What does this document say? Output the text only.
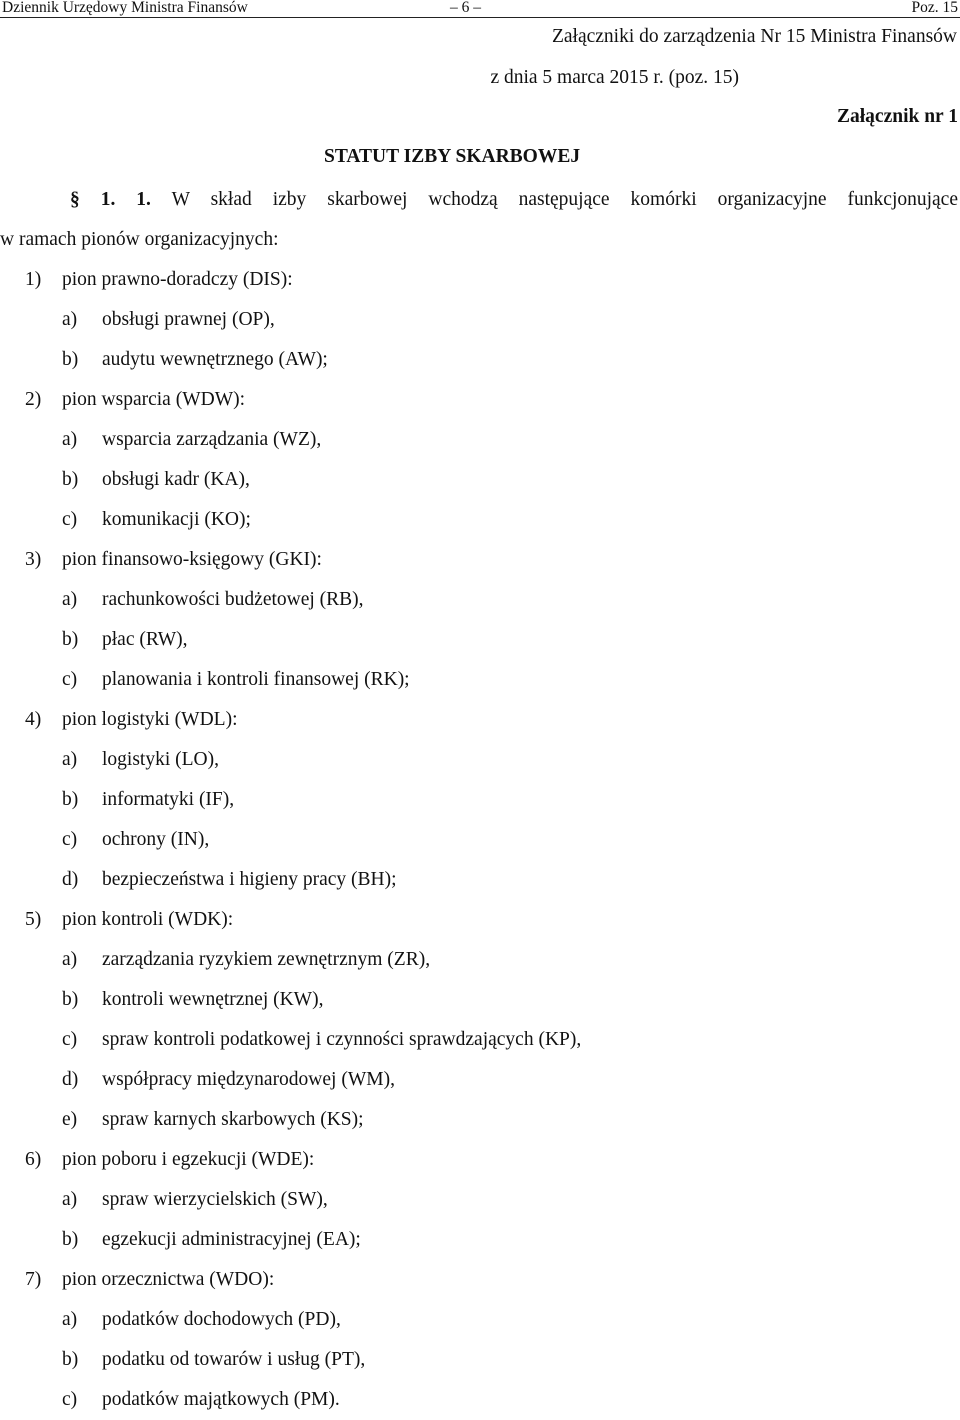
Dziennik Urzędowy Ministra Finansów	– 6 –	Poz. 15
Załączniki do zarządzenia Nr 15 Ministra Finansów
z dnia 5 marca 2015 r. (poz. 15)
Załącznik nr 1
STATUT IZBY SKARBOWEJ
§ 1. 1. W skład izby skarbowej wchodzą następujące komórki organizacyjne funkcjonujące
w ramach pionów organizacyjnych:
1) pion prawno-doradczy (DIS):
a) obsługi prawnej (OP),
b) audytu wewnętrznego (AW);
2) pion wsparcia (WDW):
a) wsparcia zarządzania (WZ),
b) obsługi kadr (KA),
c) komunikacji (KO);
3) pion finansowo-księgowy (GKI):
a) rachunkowości budżetowej (RB),
b) płac (RW),
c) planowania i kontroli finansowej (RK);
4) pion logistyki (WDL):
a) logistyki (LO),
b) informatyki (IF),
c) ochrony (IN),
d) bezpieczeństwa i higieny pracy (BH);
5) pion kontroli (WDK):
a) zarządzania ryzykiem zewnętrznym (ZR),
b) kontroli wewnętrznej (KW),
c) spraw kontroli podatkowej i czynności sprawdzających (KP),
d) współpracy międzynarodowej (WM),
e) spraw karnych skarbowych (KS);
6) pion poboru i egzekucji (WDE):
a) spraw wierzycielskich (SW),
b) egzekucji administracyjnej (EA);
7) pion orzecznictwa (WDO):
a) podatków dochodowych (PD),
b) podatku od towarów i usług (PT),
c) podatków majątkowych (PM).
